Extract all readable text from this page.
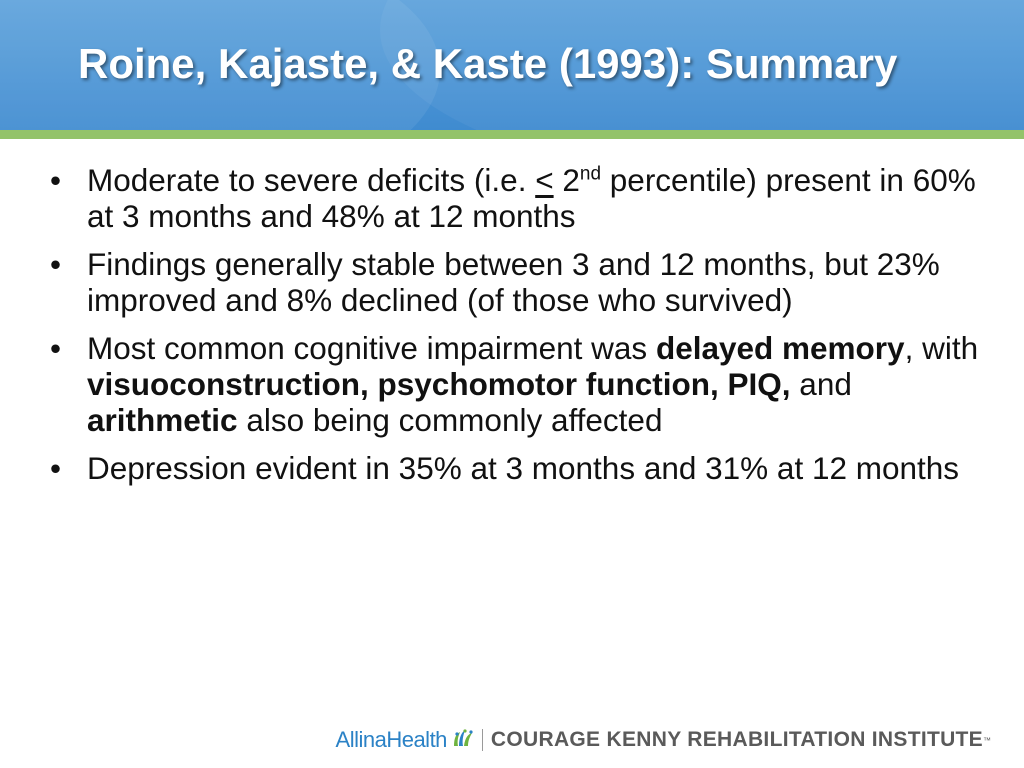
Roine, Kajaste, & Kaste (1993): Summary
• Moderate to severe deficits (i.e. < 2nd percentile) present in 60% at 3 months and 48% at 12 months
• Findings generally stable between 3 and 12 months, but 23% improved and 8% declined (of those who survived)
• Most common cognitive impairment was delayed memory, with visuoconstruction, psychomotor function, PIQ, and arithmetic also being commonly affected
• Depression evident in 35% at 3 months and 31% at 12 months
AllinaHealth COURAGE KENNY REHABILITATION INSTITUTE ™
